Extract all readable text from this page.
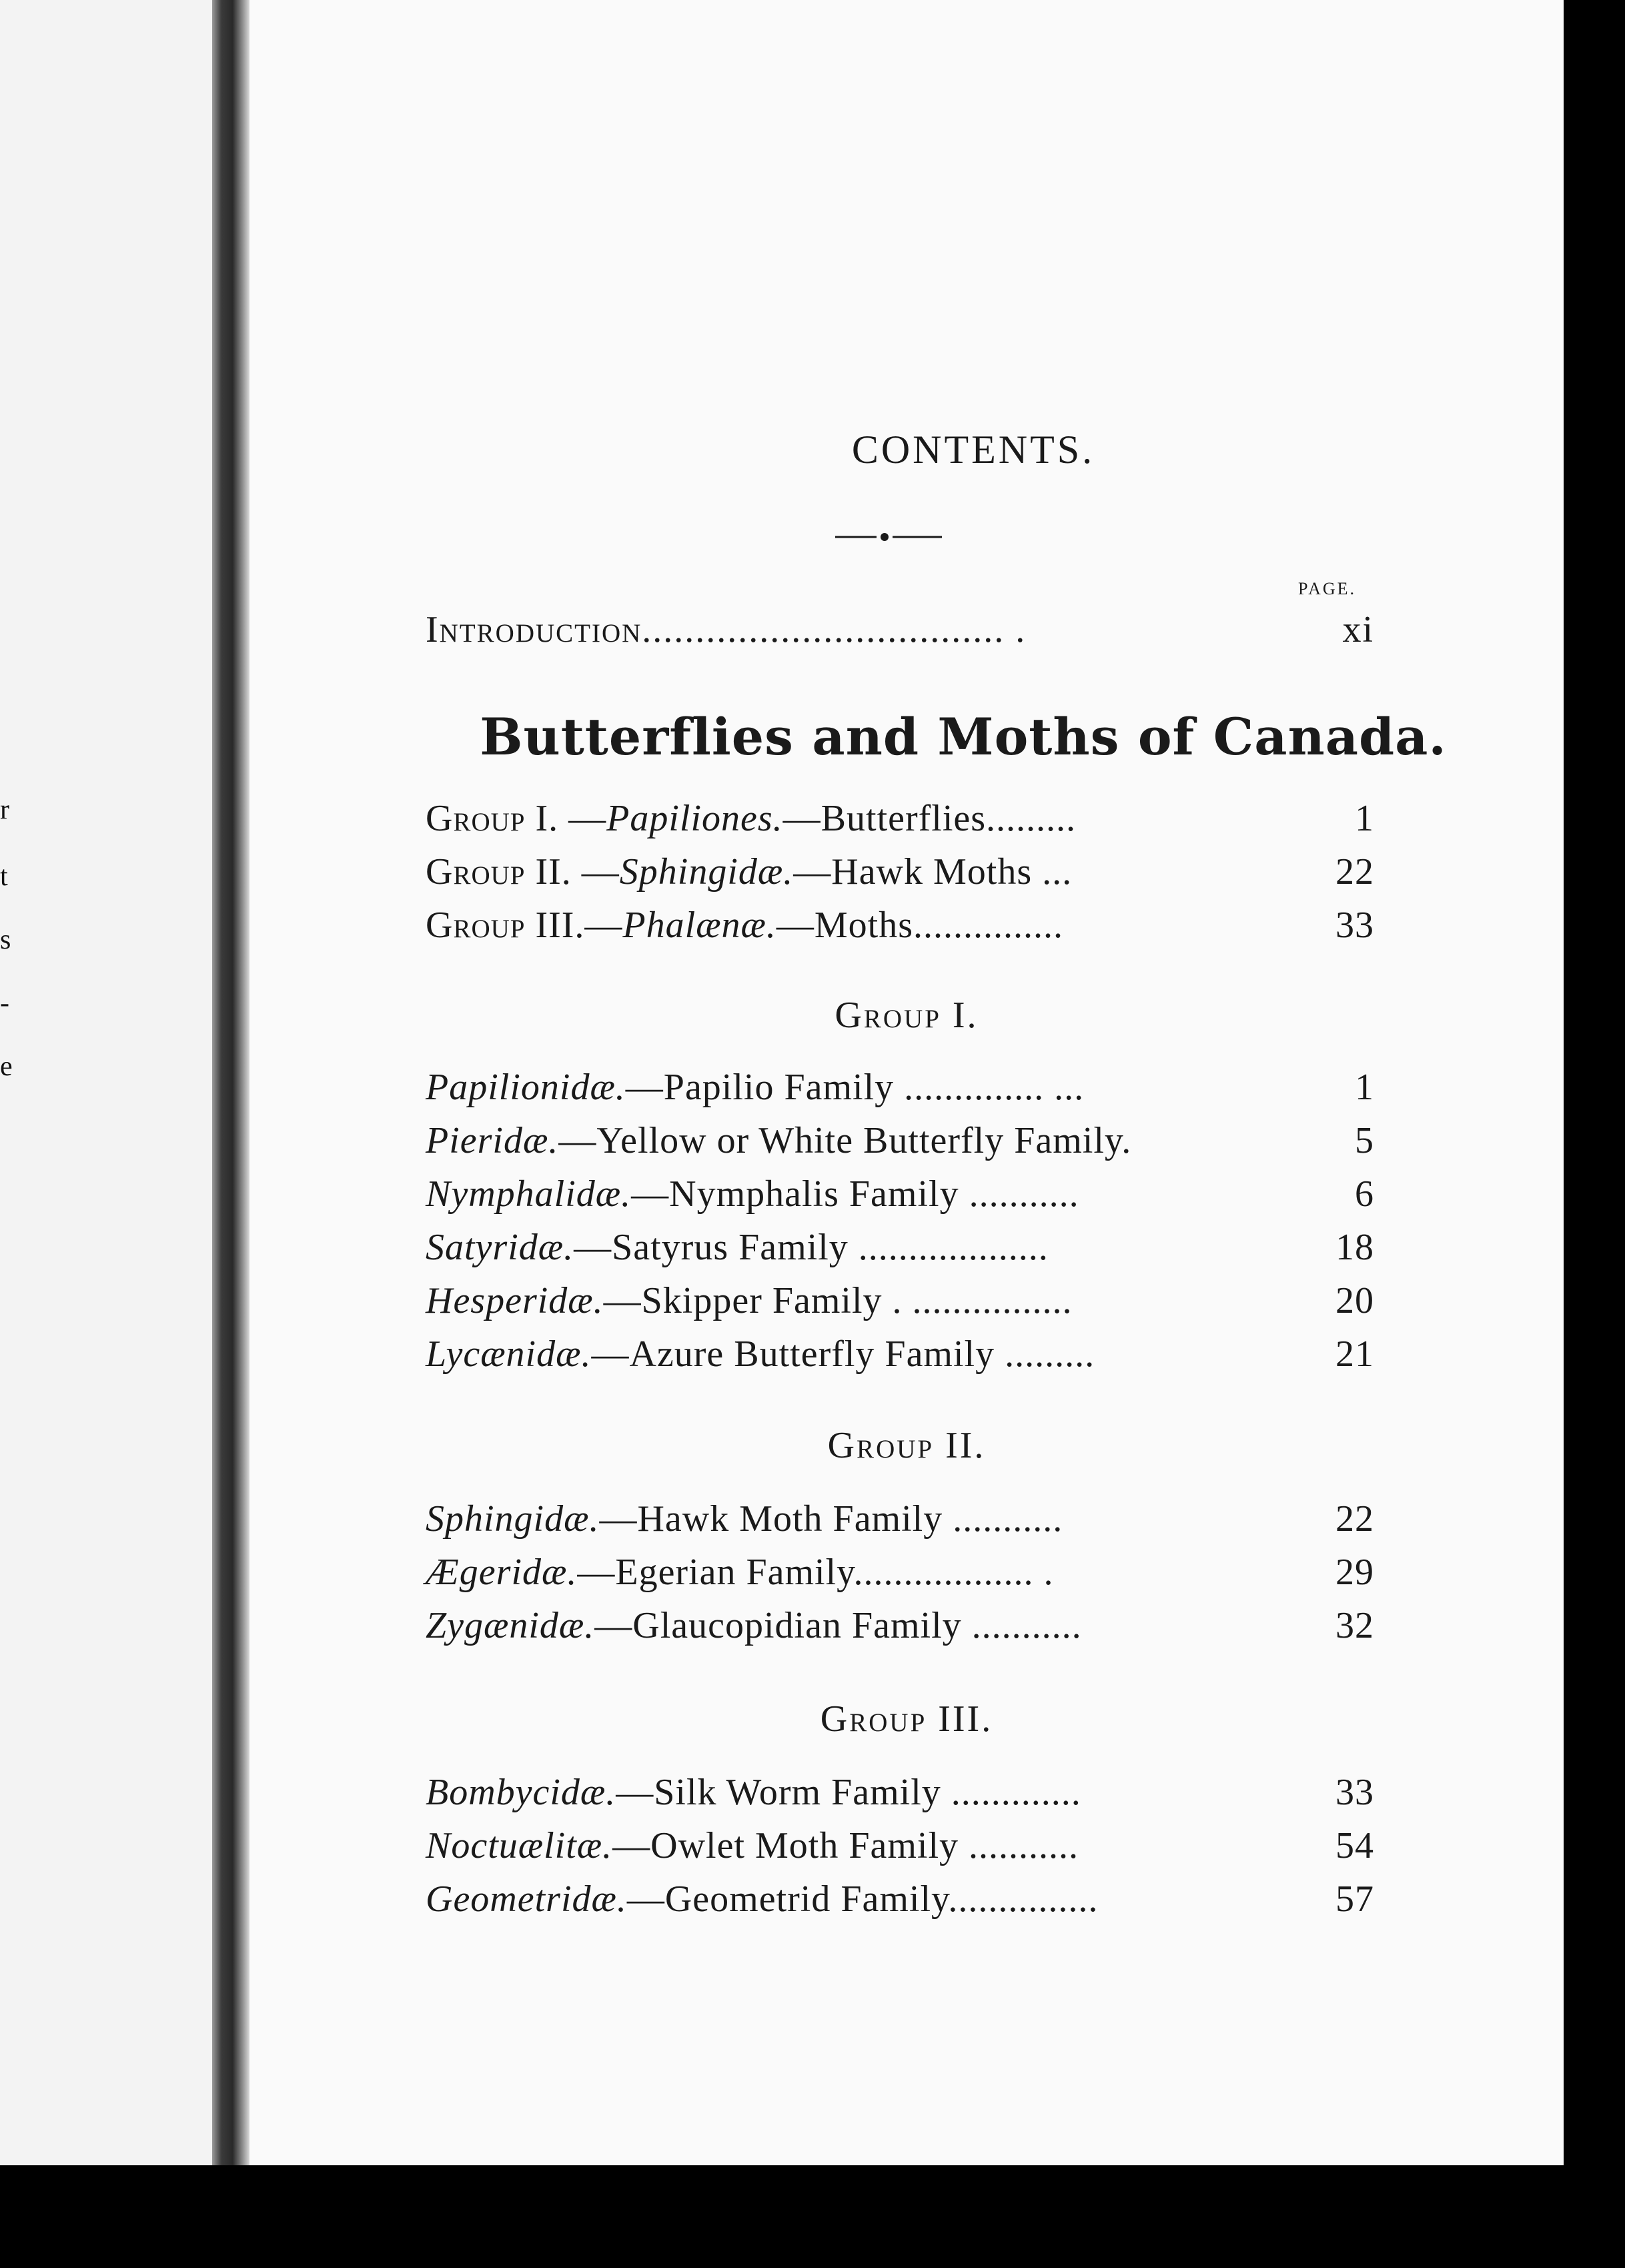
r
t
s
-
e
CONTENTS.
PAGE.
Introduction.................................. .	xi
Butterflies and Moths of Canada.
Group I. —Papiliones.—Butterflies.........	1
Group II. —Sphingidæ.—Hawk Moths ...	22
Group III.—Phalænæ.—Moths...............	33
Group I.
Papilionidæ.—Papilio Family .............. ...	1
Pieridæ.—Yellow or White Butterfly Family.	5
Nymphalidæ.—Nymphalis Family ...........	6
Satyridæ.—Satyrus Family ...................	18
Hesperidæ.—Skipper Family . ................	20
Lycænidæ.—Azure Butterfly Family .........	21
Group II.
Sphingidæ.—Hawk Moth Family ...........	22
Ægeridæ.—Egerian Family.................. .	29
Zygænidæ.—Glaucopidian Family ...........	32
Group III.
Bombycidæ.—Silk Worm Family .............	33
Noctuælitæ.—Owlet Moth Family ...........	54
Geometridæ.—Geometrid Family...............	57
